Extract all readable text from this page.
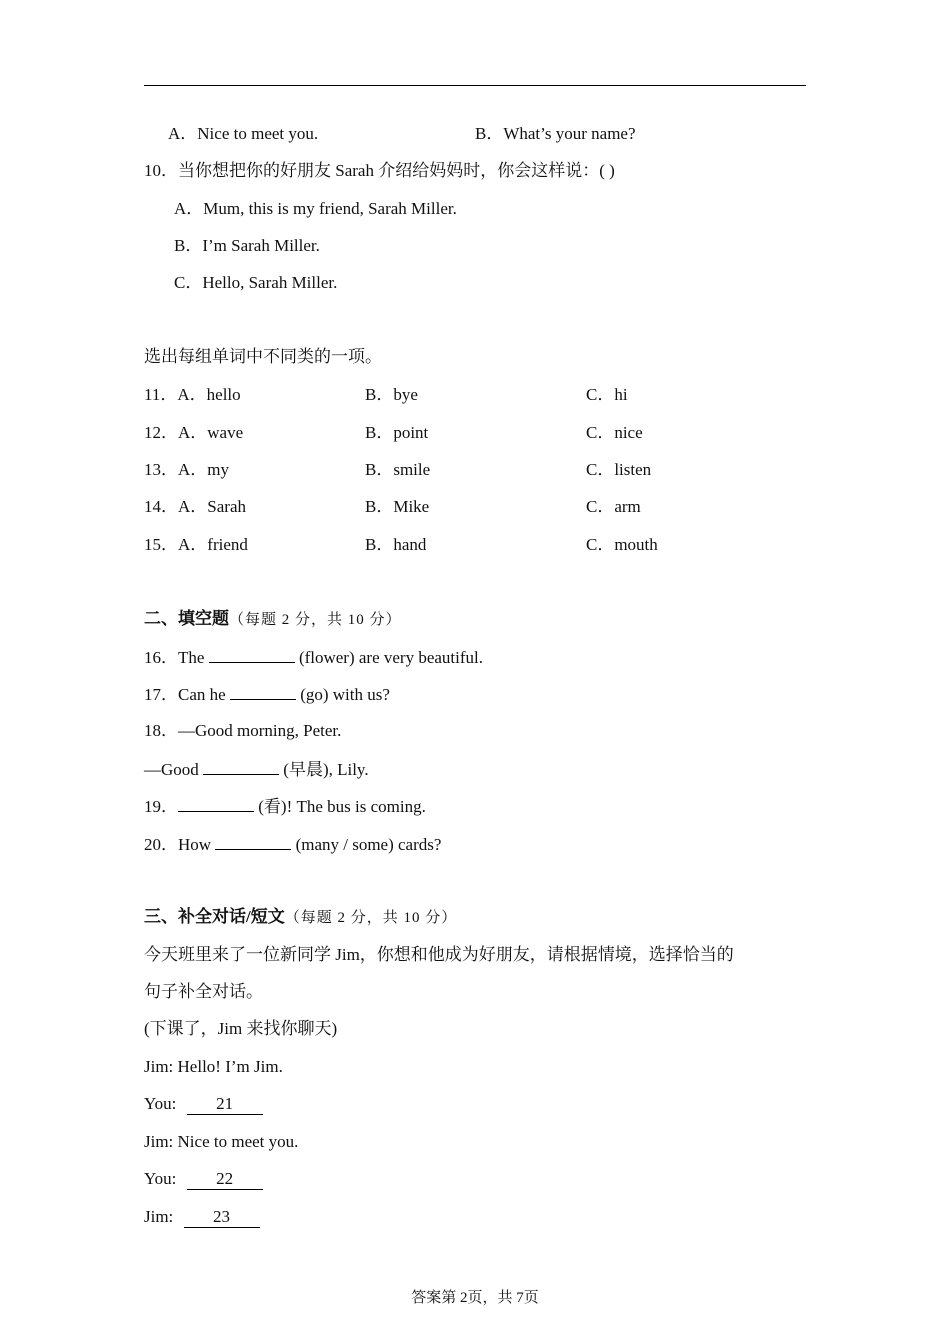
A．Nice to meet you.	B．What’s your name?
10．当你想把你的好朋友 Sarah 介绍给妈妈时，你会这样说：( )
A．Mum, this is my friend, Sarah Miller.
B．I’m Sarah Miller.
C．Hello, Sarah Miller.
选出每组单词中不同类的一项。
11．A．hello	B．bye	C．hi
12．A．wave	B．point	C．nice
13．A．my	B．smile	C．listen
14．A．Sarah	B．Mike	C．arm
15．A．friend	B．hand	C．mouth
二、填空题（每题 2 分，共 10 分）
16．The	(flower) are very beautiful.
17．Can he	(go) with us?
18．—Good morning, Peter.
—Good	(早晨), Lily.
19．	(看)! The bus is coming.
20．How	(many / some) cards?
三、补全对话/短文（每题 2 分，共 10 分）
今天班里来了一位新同学 Jim，你想和他成为好朋友，请根据情境，选择恰当的
句子补全对话。
(下课了，Jim 来找你聊天)
Jim: Hello! I’m Jim.
You: 21
Jim: Nice to meet you.
You: 22
Jim: 23
答案第 2页，共 7页
